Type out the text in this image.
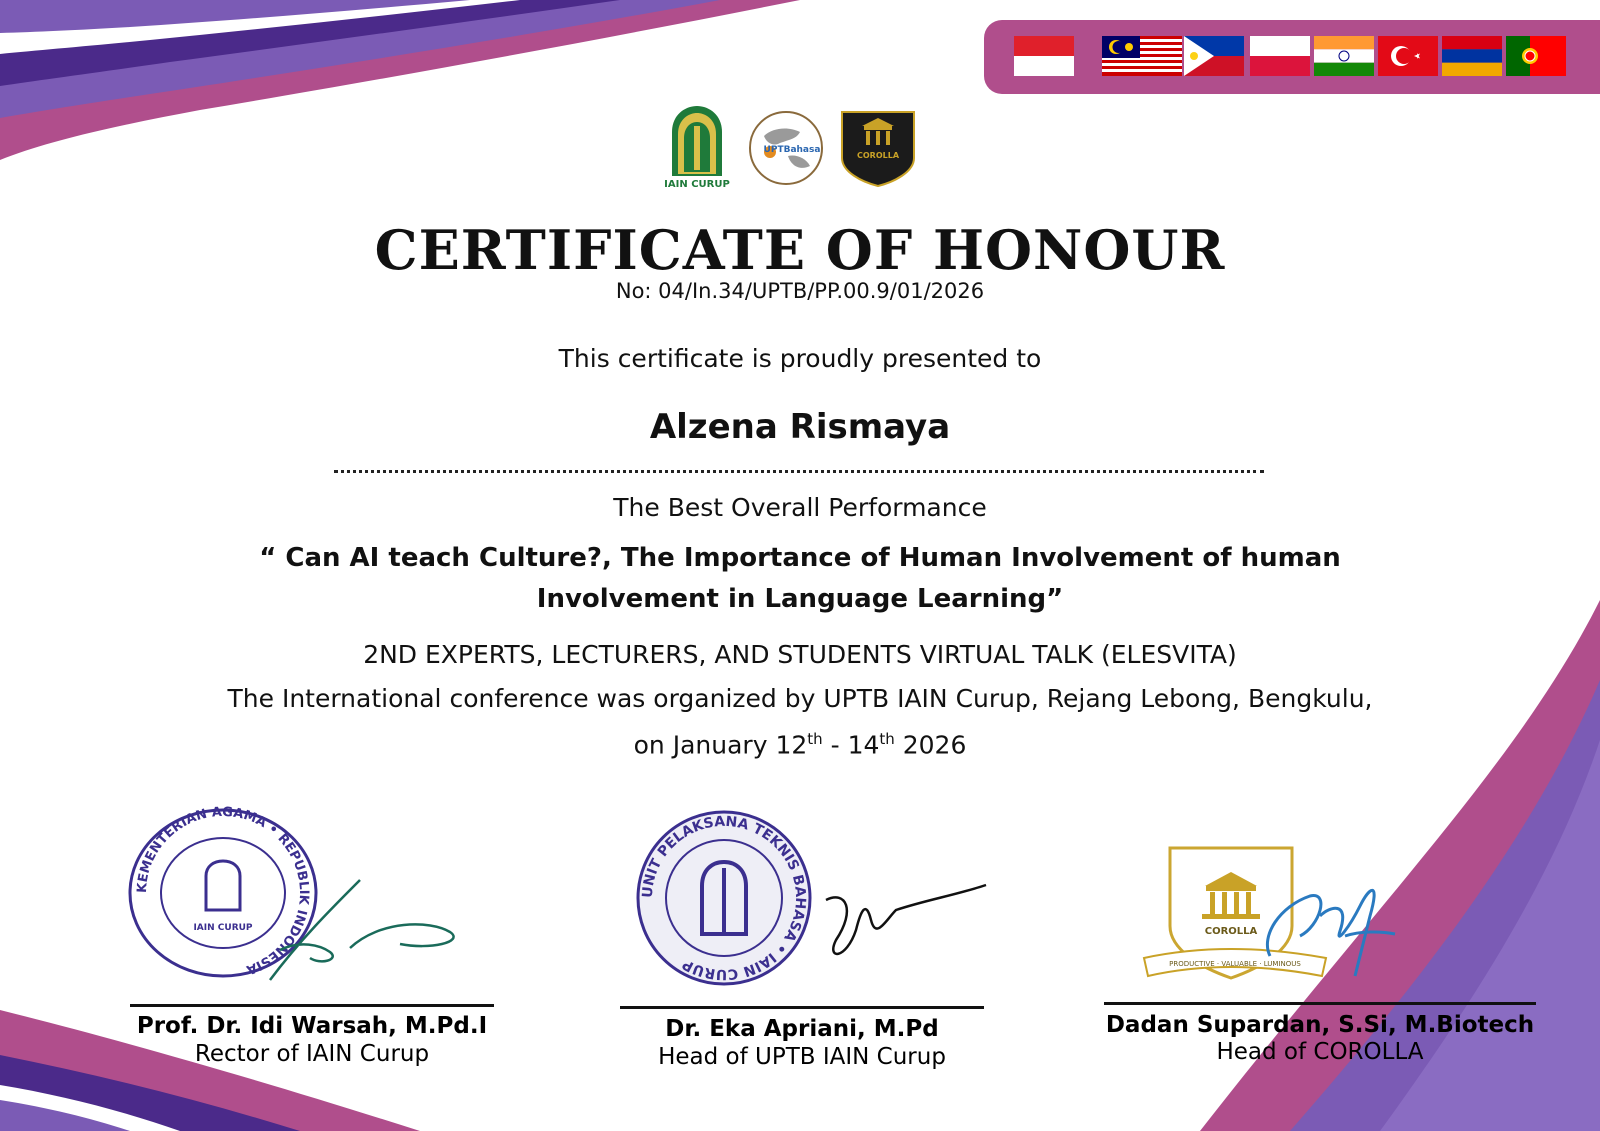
IAIN CURUP
UPTBahasa
COROLLA
CERTIFICATE OF HONOUR
No: 04/In.34/UPTB/PP.00.9/01/2026
This certificate is proudly presented to
Alzena Rismaya
The Best Overall Performance
“ Can AI teach Culture?, The Importance of Human Involvement of human Involvement in Language Learning”
2ND EXPERTS, LECTURERS, AND STUDENTS VIRTUAL TALK (ELESVITA)
The International conference was organized by UPTB IAIN Curup, Rejang Lebong, Bengkulu,
on January 12th - 14th 2026
KEMENTERIAN AGAMA • REPUBLIK INDONESIA
IAIN CURUP
Prof. Dr. Idi Warsah, M.Pd.I
Rector of IAIN Curup
UNIT PELAKSANA TEKNIS BAHASA • IAIN CURUP
Dr. Eka Apriani, M.Pd
Head of UPTB IAIN Curup
COROLLA
PRODUCTIVE · VALUABLE · LUMINOUS
Dadan Supardan, S.Si, M.Biotech
Head of COROLLA
